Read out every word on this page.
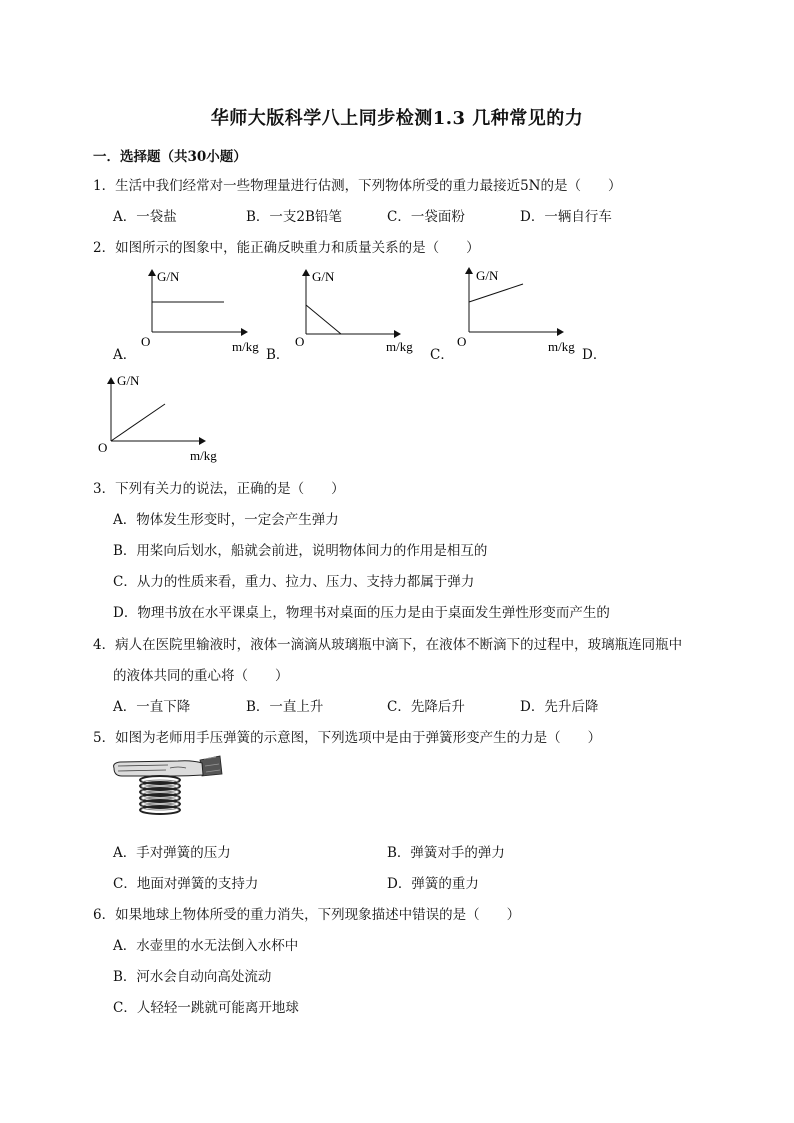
华师大版科学八上同步检测1.3 几种常见的力
一．选择题（共30小题）
1．生活中我们经常对一些物理量进行估测，下列物体所受的重力最接近5N的是（　　）
A．一袋盐	B．一支2B铅笔	C．一袋面粉	D．一辆自行车
2．如图所示的图象中，能正确反映重力和质量关系的是（　　）
G/N
O	m/kg
G/N
O	m/kg
G/N
O	m/kg
G/N
O
m/kg
A．	B．	C．	D．
3．下列有关力的说法，正确的是（　　）
A．物体发生形变时，一定会产生弹力
B．用桨向后划水，船就会前进，说明物体间力的作用是相互的
C．从力的性质来看，重力、拉力、压力、支持力都属于弹力
D．物理书放在水平课桌上，物理书对桌面的压力是由于桌面发生弹性形变而产生的
4．病人在医院里输液时，液体一滴滴从玻璃瓶中滴下，在液体不断滴下的过程中，玻璃瓶连同瓶中
的液体共同的重心将（　　）
A．一直下降	B．一直上升	C．先降后升	D．先升后降
5．如图为老师用手压弹簧的示意图，下列选项中是由于弹簧形变产生的力是（　　）
A．手对弹簧的压力	B．弹簧对手的弹力
C．地面对弹簧的支持力	D．弹簧的重力
6．如果地球上物体所受的重力消失，下列现象描述中错误的是（　　）
A．水壶里的水无法倒入水杯中
B．河水会自动向高处流动
C．人轻轻一跳就可能离开地球
